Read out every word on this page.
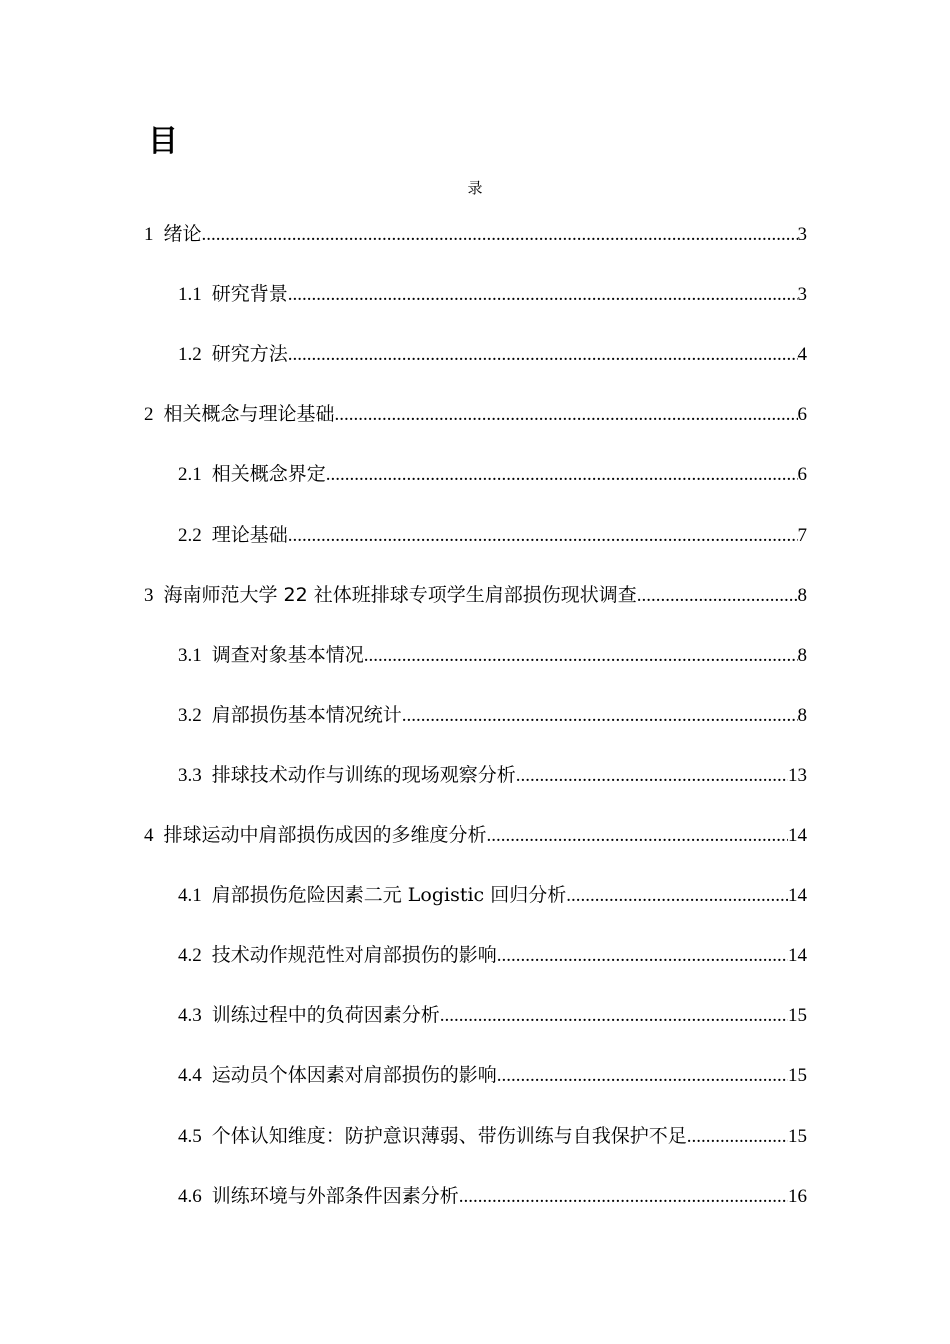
目
录
1 绪论 .....	3
1.1 研究背景 .....	3
1.2 研究方法 .....	4
2 相关概念与理论基础 .....	6
2.1 相关概念界定 .....	6
2.2 理论基础 .....	7
3 海南师范大学 22 社体班排球专项学生肩部损伤现状调查 .....	8
3.1 调查对象基本情况 .....	8
3.2 肩部损伤基本情况统计 .....	8
3.3 排球技术动作与训练的现场观察分析 .....	13
4 排球运动中肩部损伤成因的多维度分析 .....	14
4.1 肩部损伤危险因素二元 Logistic 回归分析 .....	14
4.2 技术动作规范性对肩部损伤的影响 .....	14
4.3 训练过程中的负荷因素分析 .....	15
4.4 运动员个体因素对肩部损伤的影响 .....	15
4.5 个体认知维度：防护意识薄弱、带伤训练与自我保护不足 .....	15
4.6 训练环境与外部条件因素分析 .....	16
